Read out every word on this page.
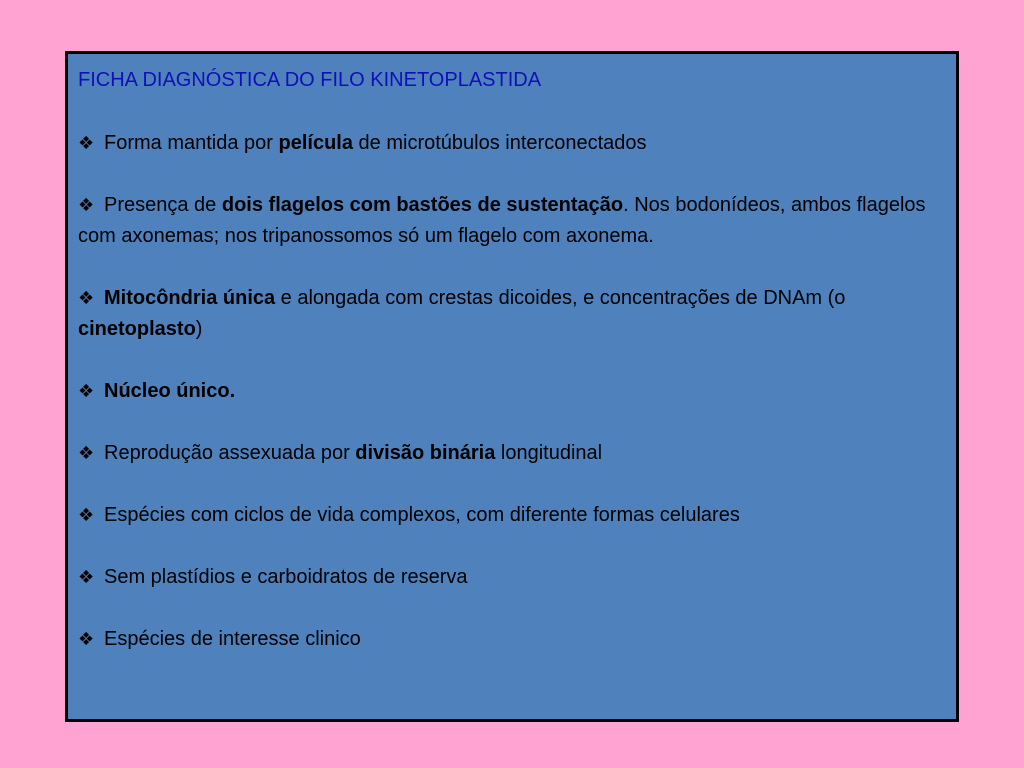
FICHA DIAGNÓSTICA DO FILO KINETOPLASTIDA
❖ Forma mantida por película de microtúbulos interconectados
❖ Presença de dois flagelos com bastões de sustentação. Nos bodonídeos, ambos flagelos com axonemas; nos tripanossomos só um flagelo com axonema.
❖ Mitocôndria única e alongada com crestas dicoides, e concentrações de DNAm (o cinetoplasto)
❖ Núcleo único.
❖ Reprodução assexuada por divisão binária longitudinal
❖ Espécies com ciclos de vida complexos, com diferente formas celulares
❖ Sem plastídios e carboidratos de reserva
❖ Espécies de interesse clinico
